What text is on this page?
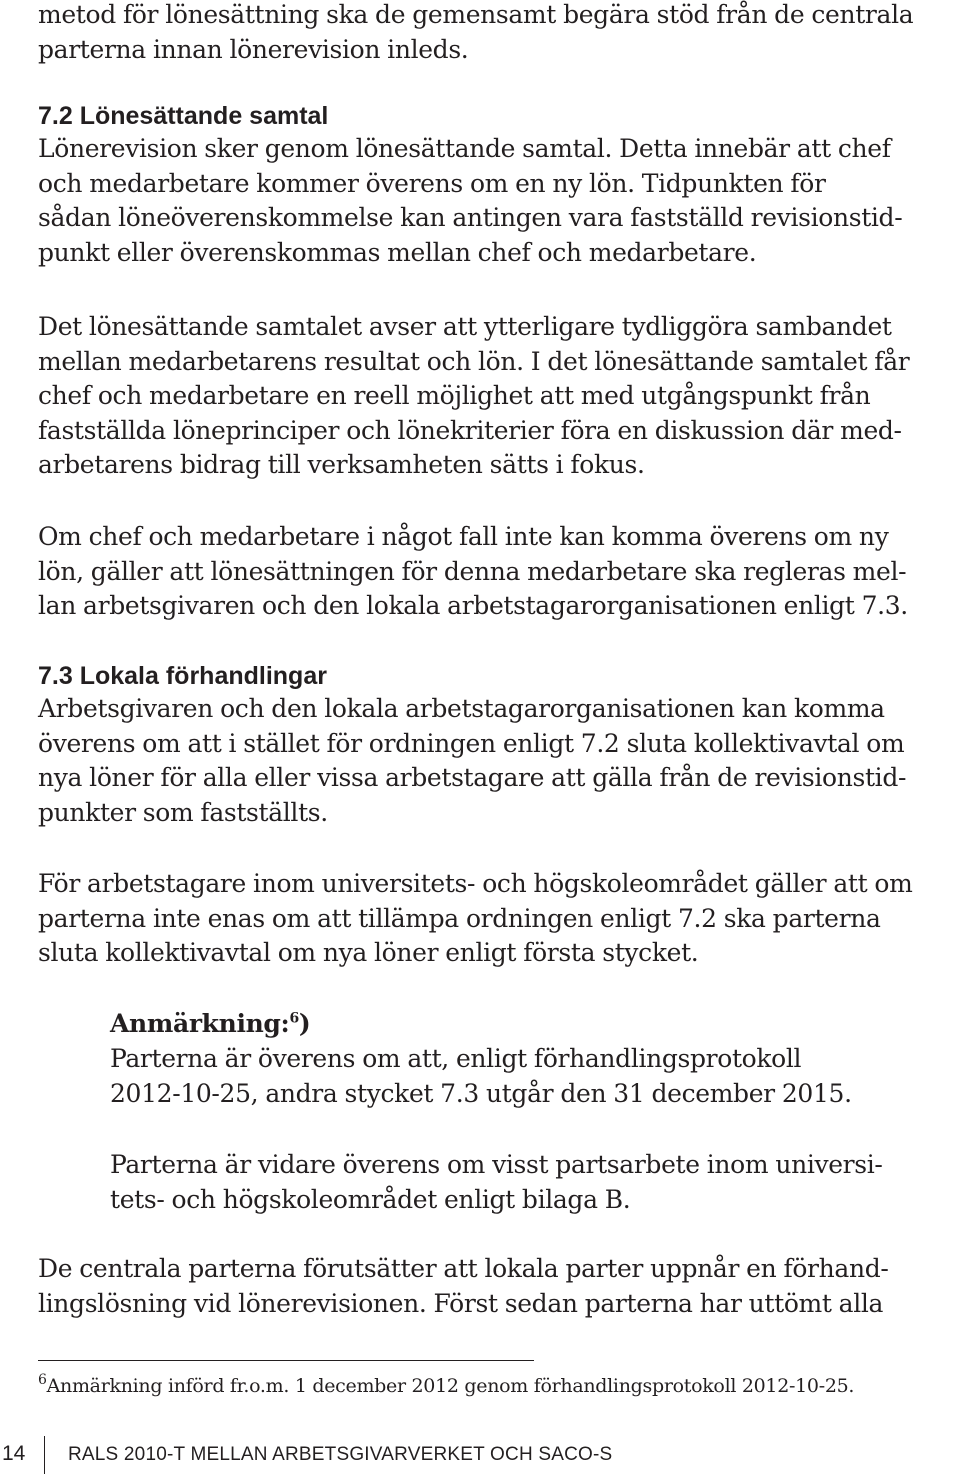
metod för lönesättning ska de gemensamt begära stöd från de centrala
parterna innan lönerevision inleds.

7.2 Lönesättande samtal

Lönerevision sker genom lönesättande samtal. Detta innebär att chef
och medarbetare kommer överens om en ny lön. Tidpunkten för
sådan löneöverenskommelse kan antingen vara fastställd revisionstid-
punkt eller överenskommas mellan chef och medarbetare.

Det lönesättande samtalet avser att ytterligare tydliggöra sambandet
mellan medarbetarens resultat och lön. I det lönesättande samtalet får
chef och medarbetare en reell möjlighet att med utgångspunkt från
fastställda löneprinciper och lönekriterier föra en diskussion där med-
arbetarens bidrag till verksamheten sätts i fokus.

Om chef och medarbetare i något fall inte kan komma överens om ny
lön, gäller att lönesättningen för denna medarbetare ska regleras mel-
lan arbetsgivaren och den lokala arbetstagarorganisationen enligt 7.3.

7.3 Lokala förhandlingar

Arbetsgivaren och den lokala arbetstagarorganisationen kan komma
överens om att i stället för ordningen enligt 7.2 sluta kollektivavtal om
nya löner för alla eller vissa arbetstagare att gälla från de revisionstid-
punkter som fastställts.

För arbetstagare inom universitets- och högskoleområdet gäller att om
parterna inte enas om att tillämpa ordningen enligt 7.2 ska parterna
sluta kollektivavtal om nya löner enligt första stycket.

Anmärkning:$^6$)

Parterna är överens om att, enligt förhandlingsprotokoll
2012-10-25, andra stycket 7.3 utgår den 31 december 2015.

Parterna är vidare överens om visst partsarbete inom universi-
tets- och högskoleområdet enligt bilaga B.

De centrala parterna förutsätter att lokala parter uppnår en förhand-
lingslösning vid lönerevisionen. Först sedan parterna har uttömt alla

$^6$Anmärkning införd fr.o.m. 1 december 2012 genom förhandlingsprotokoll 2012-10-25.

14 RALS 2010-T MELLAN ARBETSGIVARVERKET OCH SACO-S
